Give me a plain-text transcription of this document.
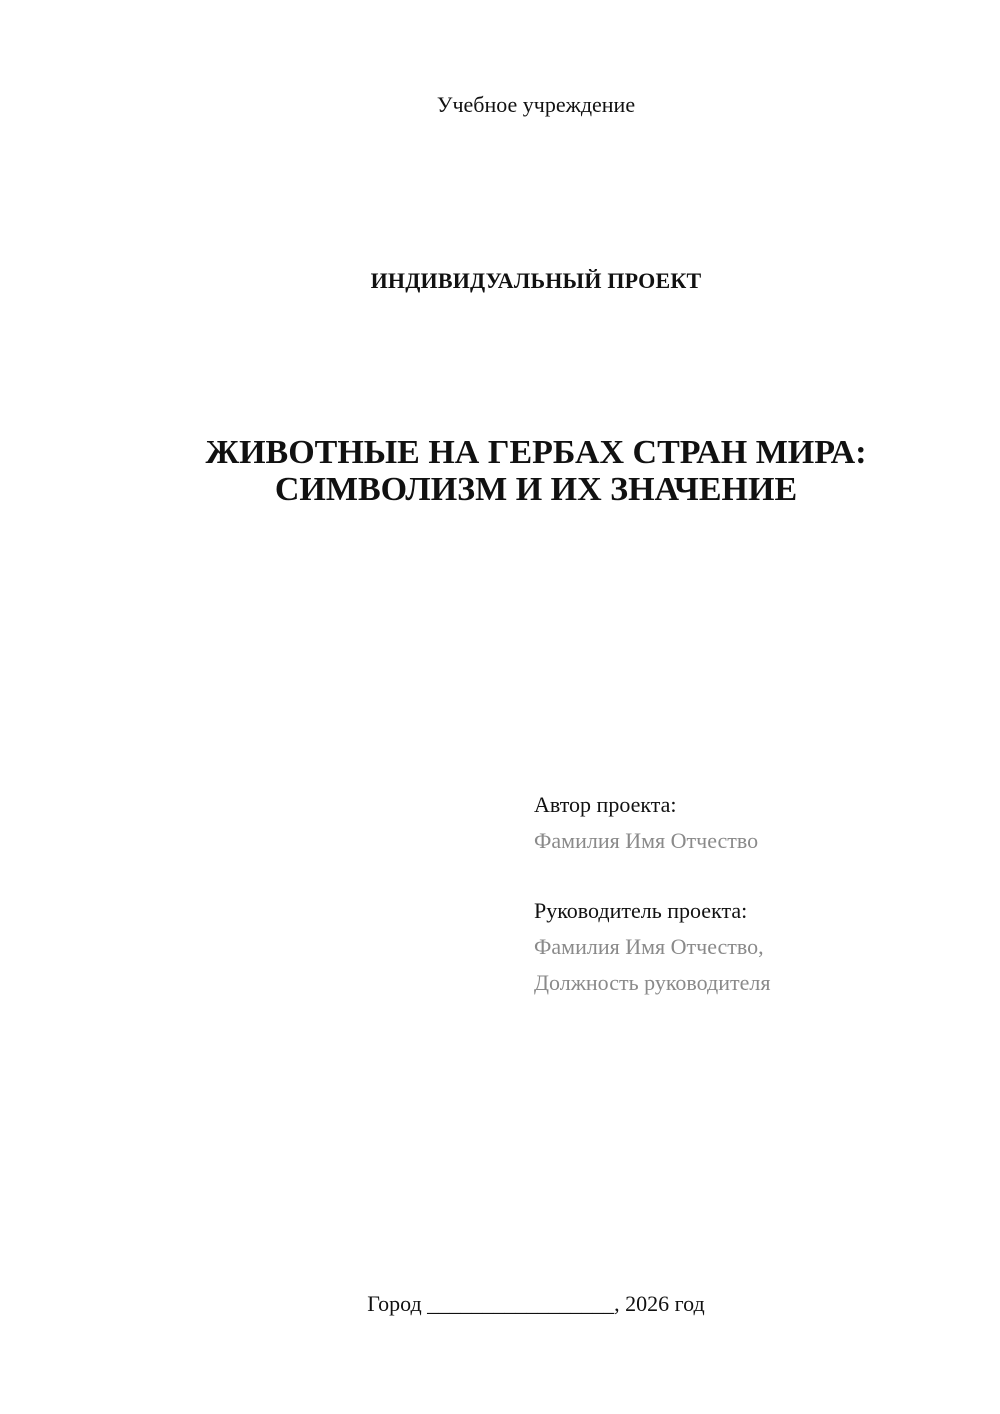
Учебное учреждение
ИНДИВИДУАЛЬНЫЙ ПРОЕКТ
ЖИВОТНЫЕ НА ГЕРБАХ СТРАН МИРА:
СИМВОЛИЗМ И ИХ ЗНАЧЕНИЕ
Автор проекта:
Фамилия Имя Отчество
Руководитель проекта:
Фамилия Имя Отчество,
Должность руководителя
Город _________________, 2026 год
